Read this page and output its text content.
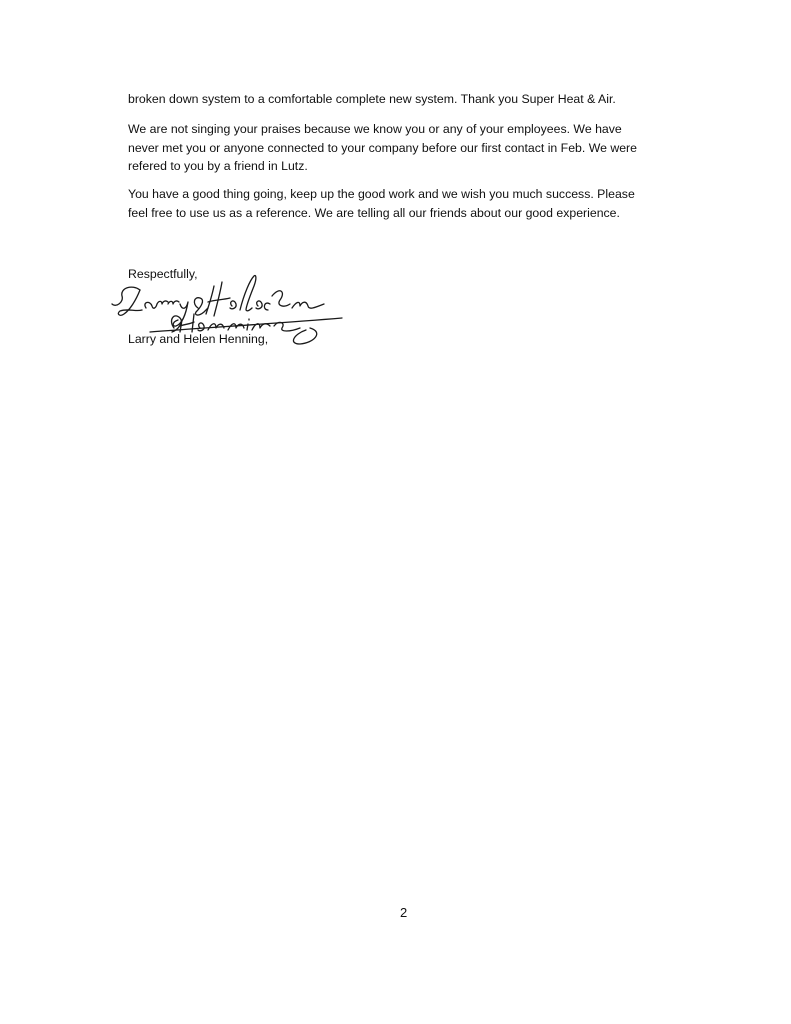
broken down system to a comfortable complete new system. Thank you Super Heat & Air.

We are not singing your praises because we know you or any of your employees. We have
never met you or anyone connected to your company before our first contact in Feb. We were
refered to you by a friend in Lutz.

You have a good thing going, keep up the good work and we wish you much success. Please
feel free to use us as a reference. We are telling all our friends about our good experience.

Respectfully,

Larry and Helen Henning,

2
